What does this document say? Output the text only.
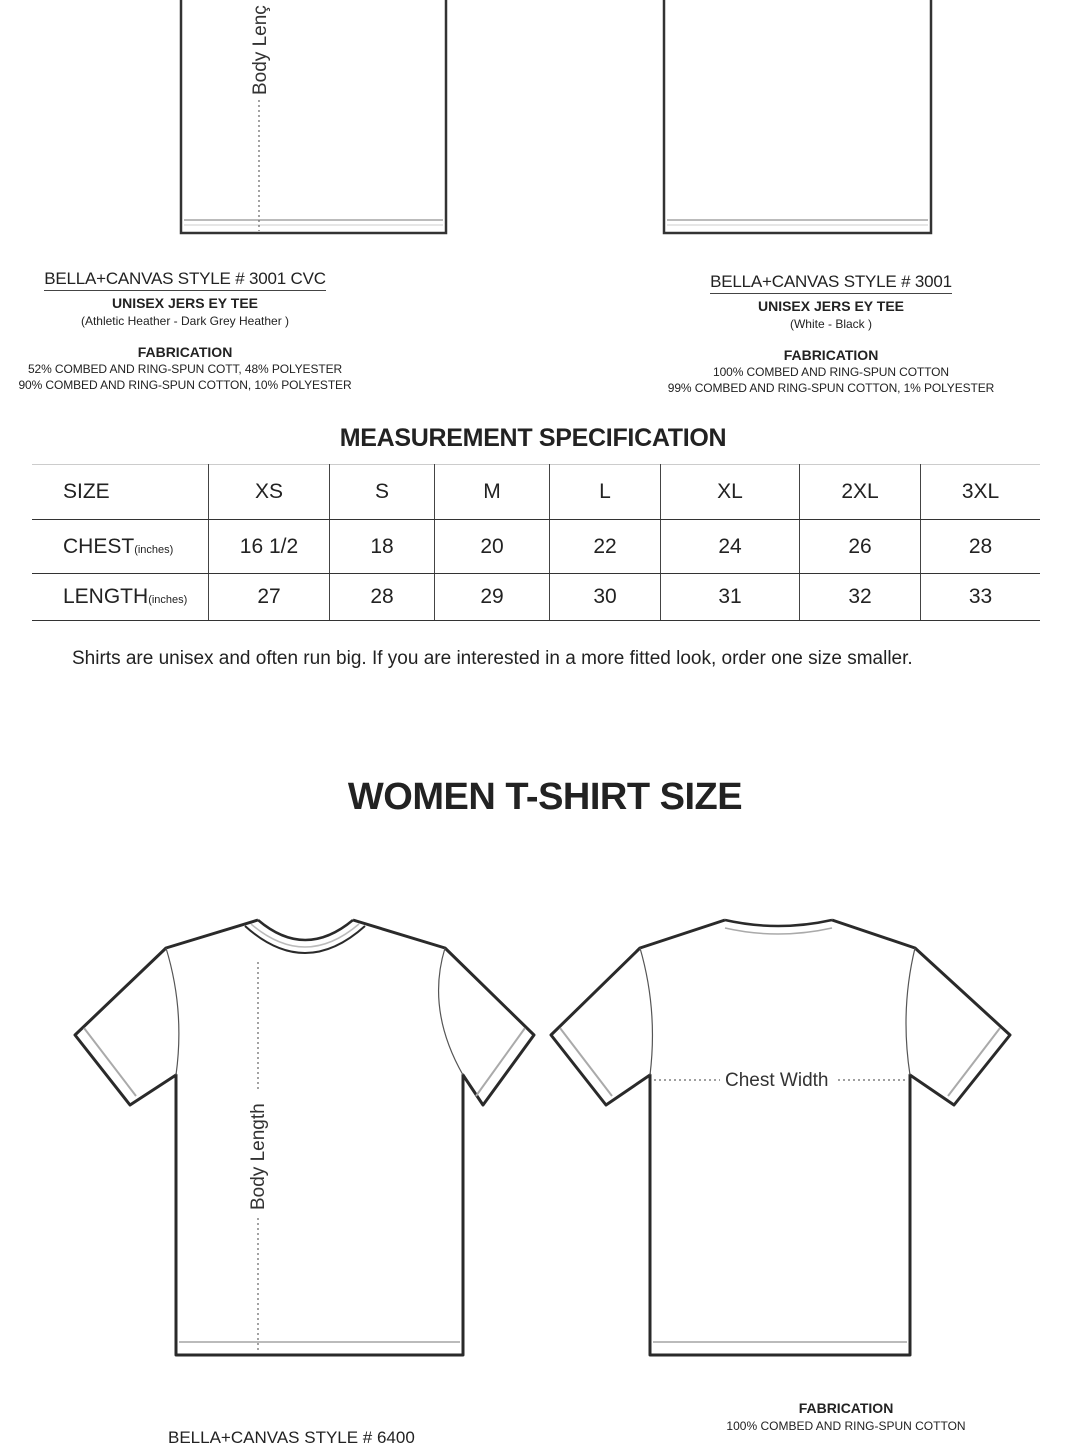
Body Lenç
BELLA+CANVAS STYLE # 3001 CVC
UNISEX JERS EY TEE
(Athletic Heather - Dark Grey Heather )
FABRICATION
52% COMBED AND RING-SPUN COTT, 48% POLYESTER
90% COMBED AND RING-SPUN COTTON, 10% POLYESTER
BELLA+CANVAS STYLE # 3001
UNISEX JERS EY TEE
(White - Black )
FABRICATION
100% COMBED AND RING-SPUN COTTON
99% COMBED AND RING-SPUN COTTON, 1% POLYESTER
MEASUREMENT SPECIFICATION
SIZE	XS	S	M	L	XL	2XL	3XL
CHEST(inches)	16 1/2	18	20	22	24	26	28
LENGTH(inches)	27	28	29	30	31	32	33
Shirts are unisex and often run big. If you are interested in a more fitted look, order one size smaller.
WOMEN T-SHIRT SIZE
Body Length
Chest Width
BELLA+CANVAS STYLE # 6400
FABRICATION
100% COMBED AND RING-SPUN COTTON
